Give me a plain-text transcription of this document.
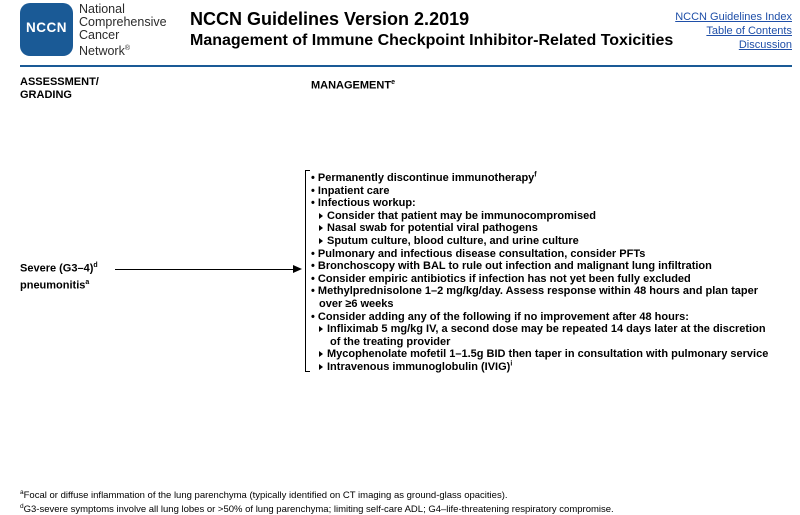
NCCN
National
Comprehensive
Cancer
Network®
NCCN Guidelines Version 2.2019
Management of Immune Checkpoint Inhibitor-Related Toxicities
NCCN Guidelines Index
Table of Contents
Discussion
ASSESSMENT/
GRADING
MANAGEMENT$^e$
Severe $(G3-4)^d$
pneumonitis$^a$
• Permanently discontinue immunotherapy$^f$
• Inpatient care
• Infectious workup:
Consider that patient may be immunocompromised
Nasal swab for potential viral pathogens
Sputum culture, blood culture, and urine culture
• Pulmonary and infectious disease consultation, consider PFTs
• Bronchoscopy with BAL to rule out infection and malignant lung infiltration
• Consider empiric antibiotics if infection has not yet been fully excluded
• Methylprednisolone 1–2 mg/kg/day. Assess response within 48 hours and plan taper
over ≥6 weeks
• Consider adding any of the following if no improvement after 48 hours:
Infliximab 5 mg/kg IV, a second dose may be repeated 14 days later at the discretion
of the treating provider
Mycophenolate mofetil 1–1.5g BID then taper in consultation with pulmonary service
Intravenous immunoglobulin (IVIG)$^i$
$^a$Focal or diffuse inflammation of the lung parenchyma (typically identified on CT imaging as ground-glass opacities).
$^d$G3-severe symptoms involve all lung lobes or >50% of lung parenchyma; limiting self-care ADL; G4–life-threatening respiratory compromise.
